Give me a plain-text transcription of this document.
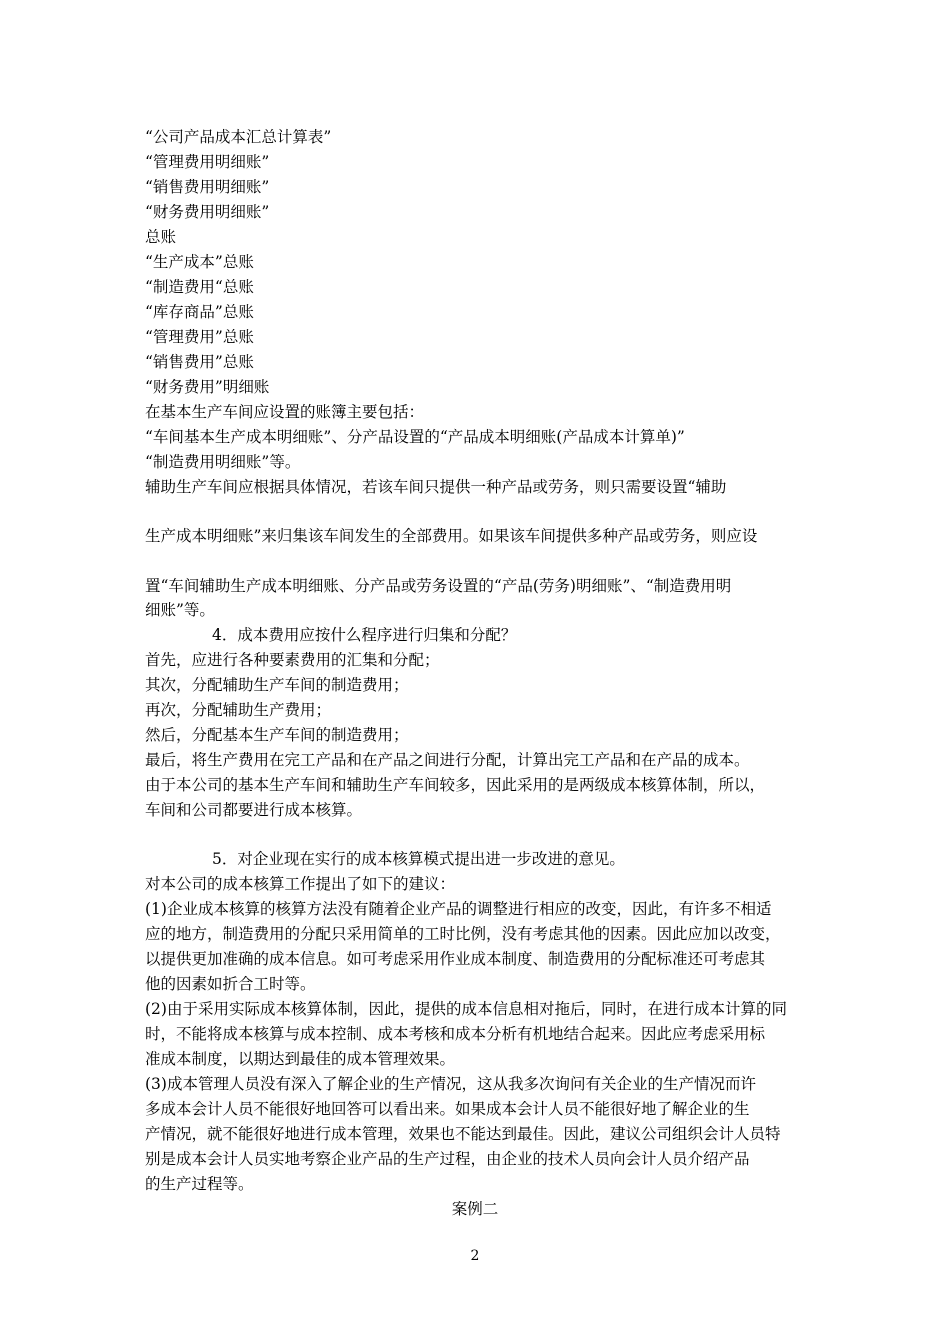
“公司产品成本汇总计算表”
“管理费用明细账”
“销售费用明细账”
“财务费用明细账”
总账
“生产成本”总账
“制造费用“总账
“库存商品”总账
“管理费用”总账
“销售费用”总账
“财务费用”明细账
在基本生产车间应设置的账簿主要包括：
“车间基本生产成本明细账”、分产品设置的“产品成本明细账(产品成本计算单)”
“制造费用明细账”等。
辅助生产车间应根据具体情况，若该车间只提供一种产品或劳务，则只需要设置“辅助
生产成本明细账”来归集该车间发生的全部费用。如果该车间提供多种产品或劳务，则应设
置“车间辅助生产成本明细账、分产品或劳务设置的“产品(劳务)明细账”、“制造费用明
细账”等。
4．成本费用应按什么程序进行归集和分配？
首先，应进行各种要素费用的汇集和分配；
其次，分配辅助生产车间的制造费用；
再次，分配辅助生产费用；
然后，分配基本生产车间的制造费用；
最后，将生产费用在完工产品和在产品之间进行分配，计算出完工产品和在产品的成本。
由于本公司的基本生产车间和辅助生产车间较多，因此采用的是两级成本核算体制，所以，
车间和公司都要进行成本核算。
5．对企业现在实行的成本核算模式提出进一步改进的意见。
对本公司的成本核算工作提出了如下的建议：
(1)企业成本核算的核算方法没有随着企业产品的调整进行相应的改变，因此，有许多不相适
应的地方，制造费用的分配只采用简单的工时比例，没有考虑其他的因素。因此应加以改变，
以提供更加准确的成本信息。如可考虑采用作业成本制度、制造费用的分配标准还可考虑其
他的因素如折合工时等。
(2)由于采用实际成本核算体制，因此，提供的成本信息相对拖后，同时，在进行成本计算的同
时，不能将成本核算与成本控制、成本考核和成本分析有机地结合起来。因此应考虑采用标
准成本制度，以期达到最佳的成本管理效果。
(3)成本管理人员没有深入了解企业的生产情况，这从我多次询问有关企业的生产情况而许
多成本会计人员不能很好地回答可以看出来。如果成本会计人员不能很好地了解企业的生
产情况，就不能很好地进行成本管理，效果也不能达到最佳。因此，建议公司组织会计人员特
别是成本会计人员实地考察企业产品的生产过程，由企业的技术人员向会计人员介绍产品
的生产过程等。
案例二
2
